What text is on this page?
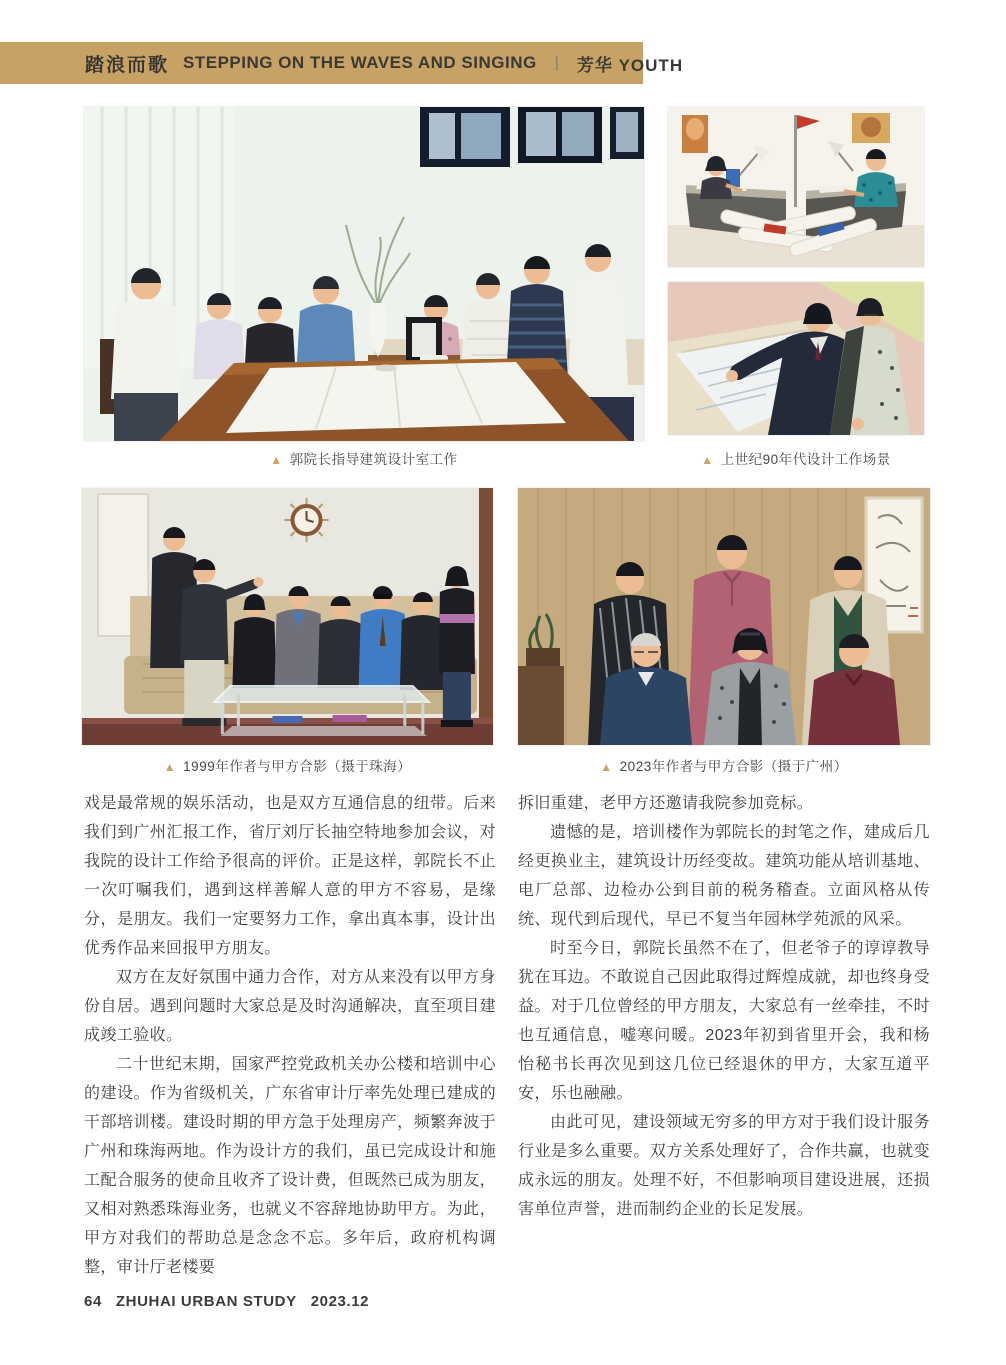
踏浪而歌 STEPPING ON THE WAVES AND SINGING | 芳华 YOUTH
▲ 郭院长指导建筑设计室工作	▲ 上世纪90年代设计工作场景
▲ 1999年作者与甲方合影（摄于珠海）	▲ 2023年作者与甲方合影（摄于广州）

戏是最常规的娱乐活动，也是双方互通信息的纽带。后来我们到广州汇报工作，省厅刘厅长抽空特地参加会议，对我院的设计工作给予很高的评价。正是这样，郭院长不止一次叮嘱我们，遇到这样善解人意的甲方不容易，是缘分，是朋友。我们一定要努力工作，拿出真本事，设计出优秀作品来回报甲方朋友。

双方在友好氛围中通力合作，对方从来没有以甲方身份自居。遇到问题时大家总是及时沟通解决，直至项目建成竣工验收。

二十世纪末期，国家严控党政机关办公楼和培训中心的建设。作为省级机关，广东省审计厅率先处理已建成的干部培训楼。建设时期的甲方急于处理房产，频繁奔波于广州和珠海两地。作为设计方的我们，虽已完成设计和施工配合服务的使命且收齐了设计费，但既然已成为朋友，又相对熟悉珠海业务，也就义不容辞地协助甲方。为此，甲方对我们的帮助总是念念不忘。多年后，政府机构调整，审计厅老楼要

拆旧重建，老甲方还邀请我院参加竞标。

遗憾的是，培训楼作为郭院长的封笔之作，建成后几经更换业主，建筑设计历经变故。建筑功能从培训基地、电厂总部、边检办公到目前的税务稽查。立面风格从传统、现代到后现代，早已不复当年园林学苑派的风采。

时至今日，郭院长虽然不在了，但老爷子的谆谆教导犹在耳边。不敢说自己因此取得过辉煌成就，却也终身受益。对于几位曾经的甲方朋友，大家总有一丝牵挂，不时也互通信息，嘘寒问暖。2023年初到省里开会，我和杨怡秘书长再次见到这几位已经退休的甲方，大家互道平安，乐也融融。

由此可见，建设领域无穷多的甲方对于我们设计服务行业是多么重要。双方关系处理好了，合作共赢，也就变成永远的朋友。处理不好，不但影响项目建设进展，还损害单位声誉，进而制约企业的长足发展。

64 ZHUHAI URBAN STUDY 2023.12
